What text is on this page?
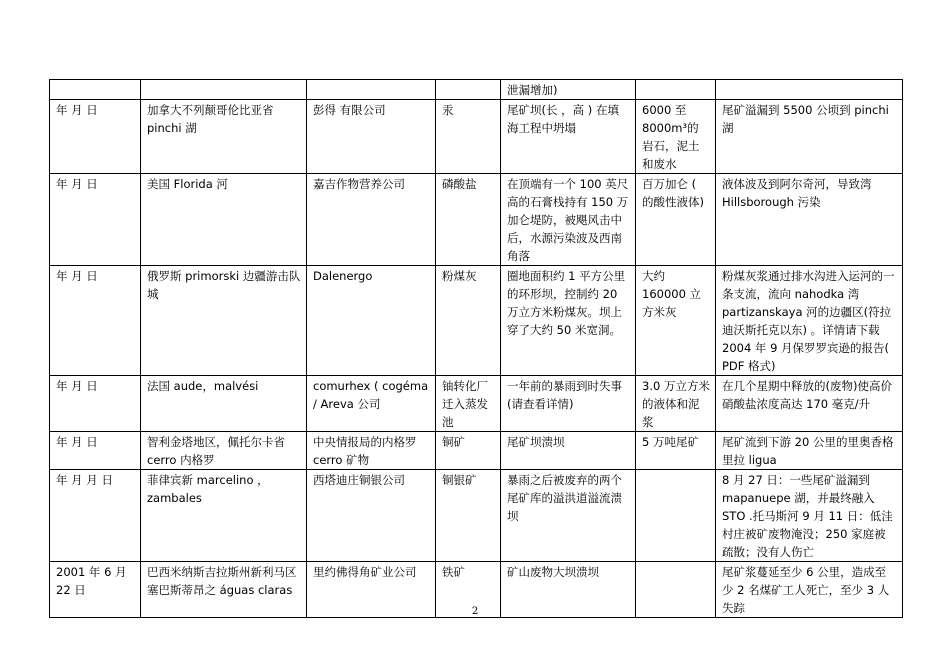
				泄漏增加)		
年 月 日	加拿大不列颠哥伦比亚省 pinchi 湖	彭得 有限公司	汞	尾矿坝(长 ，高 ) 在填海工程中坍塌	6000 至 8000m³的岩石，泥土和废水	尾矿溢漏到 5500 公顷到 pinchi 湖
年 月 日	美国 Florida 河	嘉吉作物营养公司	磷酸盐	在顶端有一个 100 英尺高的石膏栈持有 150 万加仑堤防，被飓风击中后，水源污染波及西南角落	百万加仑 ( 的酸性液体)	液体波及到阿尔奇河，导致湾 Hillsborough 污染
年 月 日	俄罗斯 primorski 边疆游击队城	Dalenergo	粉煤灰	圈地面积约 1 平方公里的环形坝，控制约 20 万立方米粉煤灰。坝上穿了大约 50 米宽洞。	大约 160000 立方米灰	粉煤灰浆通过排水沟进入运河的一条支流，流向 nahodka 湾 partizanskaya 河的边疆区(符拉迪沃斯托克以东) 。详情请下载 2004 年 9 月保罗罗宾逊的报告( PDF 格式)
年 月 日	法国 aude，malvési	comurhex ( cogéma / Areva 公司	铀转化厂 迁入蒸发池	一年前的暴雨到时失事(请查看详情)	3.0 万立方米的液体和泥浆	在几个星期中释放的(废物)使高价硝酸盐浓度高达 170 毫克/升
年 月 日	智利金塔地区，佩托尔卡省 cerro 内格罗	中央情报局的内格罗 cerro 矿物	铜矿	尾矿坝溃坝	5 万吨尾矿	尾矿流到下游 20 公里的里奥香格里拉 ligua
年 月 月 日	菲律宾新 marcelino ，zambales	西塔迪庄铜银公司	铜银矿	暴雨之后被废弃的两个尾矿库的溢洪道溢流溃坝		8 月 27 日：一些尾矿溢漏到 mapanuepe 湖，并最终融入 STO .托马斯河 9 月 11 日：低洼村庄被矿废物淹没；250 家庭被疏散；没有人伤亡
2001 年 6 月 22 日	巴西米纳斯吉拉斯州新利马区塞巴斯蒂昂之 águas claras	里约佛得角矿业公司	铁矿	矿山废物大坝溃坝		尾矿浆蔓延至少 6 公里，造成至少 2 名煤矿工人死亡，至少 3 人失踪
2
